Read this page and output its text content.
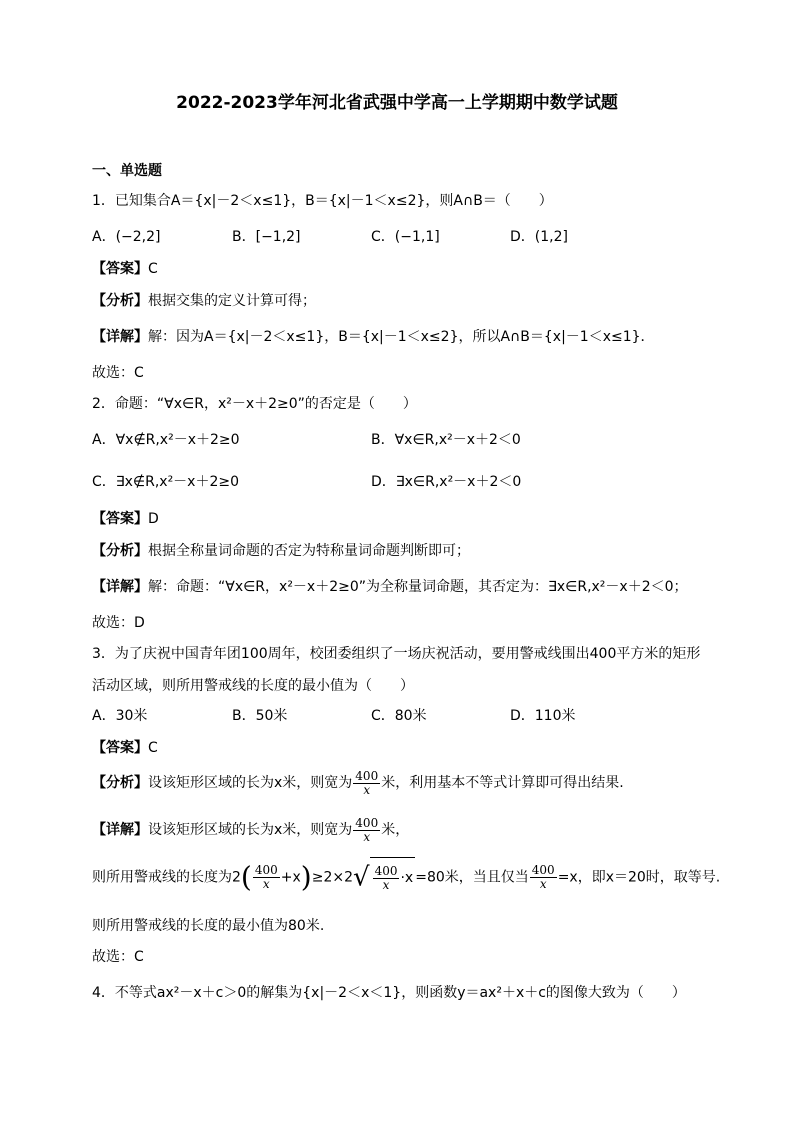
2022-2023学年河北省武强中学高一上学期期中数学试题
一、单选题
1．已知集合A＝{x|－2＜x≤1}，B＝{x|－1＜x≤2}，则A∩B＝（　　）
A．(−2,2]	B．[−1,2]	C．(−1,1]	D．(1,2]
【答案】C
【分析】根据交集的定义计算可得；
【详解】解：因为A＝{x|－2＜x≤1}，B＝{x|－1＜x≤2}，所以A∩B＝{x|－1＜x≤1}．
故选：C
2．命题：“∀x∈R，x²－x＋2≥0”的否定是（　　）
A．∀x∉R,x²－x＋2≥0	B．∀x∈R,x²－x＋2＜0
C．∃x∉R,x²－x＋2≥0	D．∃x∈R,x²－x＋2＜0
【答案】D
【分析】根据全称量词命题的否定为特称量词命题判断即可；
【详解】解：命题：“∀x∈R，x²－x＋2≥0”为全称量词命题，其否定为：∃x∈R,x²－x＋2＜0；
故选：D
3．为了庆祝中国青年团100周年，校团委组织了一场庆祝活动，要用警戒线围出400平方米的矩形
活动区域，则所用警戒线的长度的最小值为（　　）
A．30米	B．50米	C．80米	D．110米
【答案】C
【分析】设该矩形区域的长为x米，则宽为 $\frac{400}{x}$ 米，利用基本不等式计算即可得出结果.
【详解】设该矩形区域的长为x米，则宽为 $\frac{400}{x}$ 米，
则所用警戒线的长度为$2( \frac{400}{x} +x)\ge 2\times 2√ \frac{400}{x} \cdot x =80$米，当且仅当 $\frac{400}{x} =x$，即x＝20时，取等号.
则所用警戒线的长度的最小值为80米.
故选：C
4．不等式ax²－x＋c＞0的解集为{x|－2＜x＜1}，则函数y＝ax²＋x＋c的图像大致为（　　）
